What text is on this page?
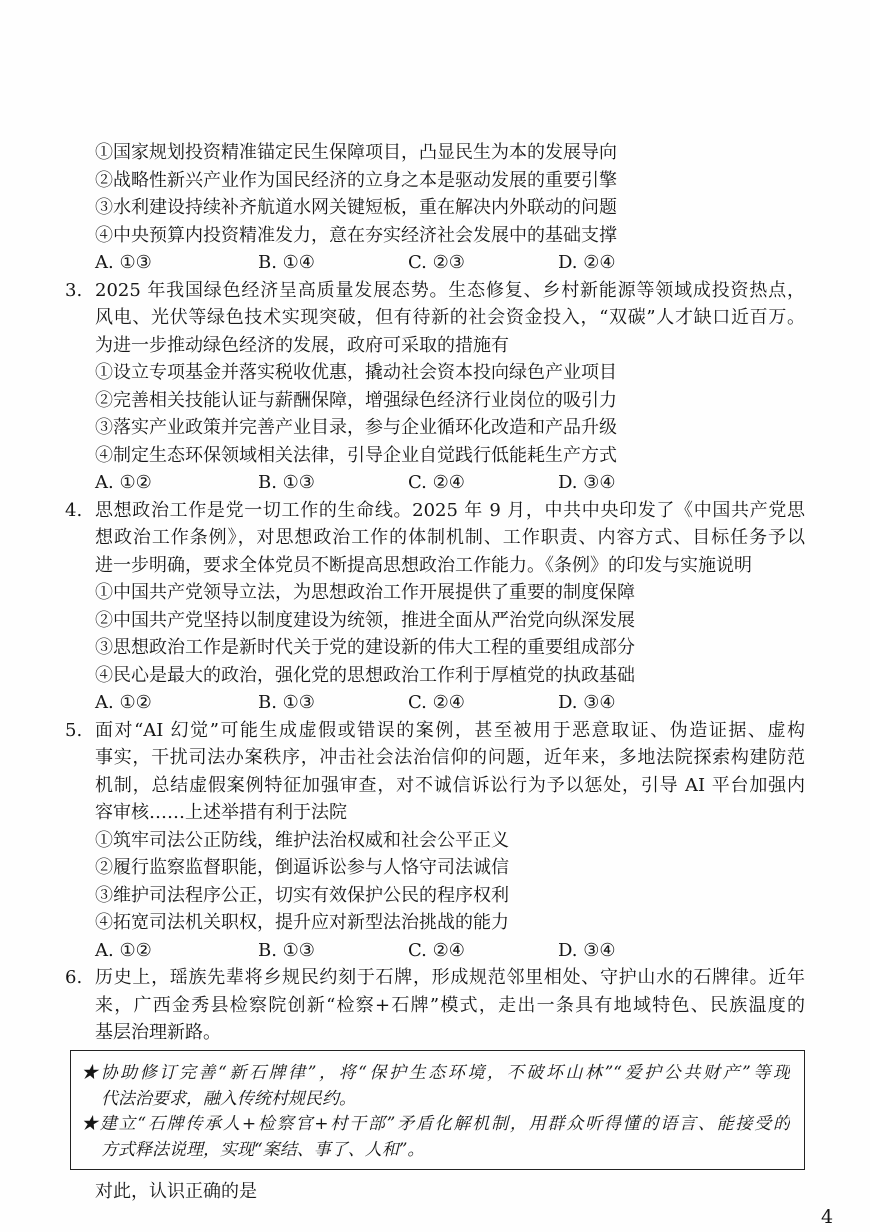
①国家规划投资精准锚定民生保障项目，凸显民生为本的发展导向
②战略性新兴产业作为国民经济的立身之本是驱动发展的重要引擎
③水利建设持续补齐航道水网关键短板，重在解决内外联动的问题
④中央预算内投资精准发力，意在夯实经济社会发展中的基础支撑
A. ①③	B. ①④	C. ②③	D. ②④
3. 2025 年我国绿色经济呈高质量发展态势。生态修复、乡村新能源等领域成投资热点，
风电、光伏等绿色技术实现突破，但有待新的社会资金投入，“双碳”人才缺口近百万。
为进一步推动绿色经济的发展，政府可采取的措施有
①设立专项基金并落实税收优惠，撬动社会资本投向绿色产业项目
②完善相关技能认证与薪酬保障，增强绿色经济行业岗位的吸引力
③落实产业政策并完善产业目录，参与企业循环化改造和产品升级
④制定生态环保领域相关法律，引导企业自觉践行低能耗生产方式
A. ①②	B. ①③	C. ②④	D. ③④
4. 思想政治工作是党一切工作的生命线。2025 年 9 月，中共中央印发了《中国共产党思
想政治工作条例》，对思想政治工作的体制机制、工作职责、内容方式、目标任务予以
进一步明确，要求全体党员不断提高思想政治工作能力。《条例》的印发与实施说明
①中国共产党领导立法，为思想政治工作开展提供了重要的制度保障
②中国共产党坚持以制度建设为统领，推进全面从严治党向纵深发展
③思想政治工作是新时代关于党的建设新的伟大工程的重要组成部分
④民心是最大的政治，强化党的思想政治工作利于厚植党的执政基础
A. ①②	B. ①③	C. ②④	D. ③④
5. 面对“AI 幻觉”可能生成虚假或错误的案例，甚至被用于恶意取证、伪造证据、虚构
事实，干扰司法办案秩序，冲击社会法治信仰的问题，近年来，多地法院探索构建防范
机制，总结虚假案例特征加强审查，对不诚信诉讼行为予以惩处，引导 AI 平台加强内
容审核……上述举措有利于法院
①筑牢司法公正防线，维护法治权威和社会公平正义
②履行监察监督职能，倒逼诉讼参与人恪守司法诚信
③维护司法程序公正，切实有效保护公民的程序权利
④拓宽司法机关职权，提升应对新型法治挑战的能力
A. ①②	B. ①③	C. ②④	D. ③④
6. 历史上，瑶族先辈将乡规民约刻于石牌，形成规范邻里相处、守护山水的石牌律。近年
来，广西金秀县检察院创新“检察+石牌”模式，走出一条具有地域特色、民族温度的
基层治理新路。
★协助修订完善“新石牌律”，将“保护生态环境，不破坏山林”“爱护公共财产”等现
代法治要求，融入传统村规民约。
★建立“石牌传承人+检察官+村干部”矛盾化解机制，用群众听得懂的语言、能接受的
方式释法说理，实现“案结、事了、人和”。
对此，认识正确的是
4
